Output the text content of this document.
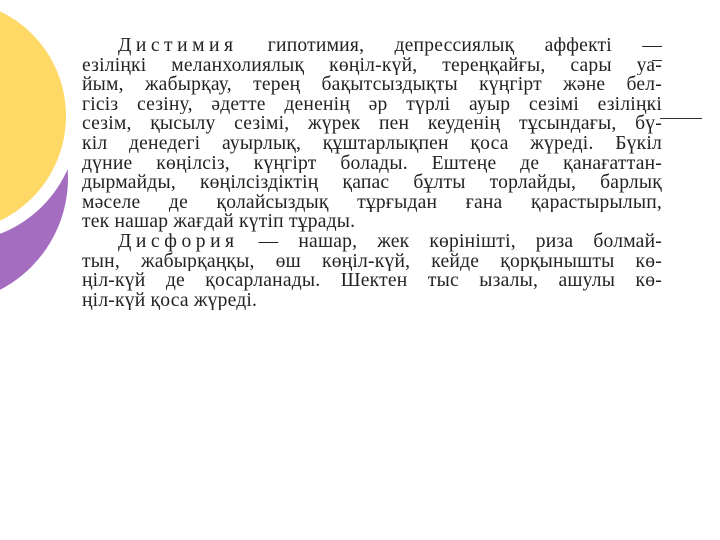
Дистимия гипотимия, депрессиялық аффекті —
езіліңкі меланхолиялық көңіл-күй, тереңқайғы, сары уа-
йым, жабырқау, терең бақытсыздықты күңгірт және бел-
гісіз сезіну, әдетте дененің әр түрлі ауыр сезімі езіліңкі
сезім, қысылу сезімі, жүрек пен кеуденің тұсындағы, бү-
кіл денедегі ауырлық, құштарлықпен қоса жүреді. Бүкіл
дүние көңілсіз, күңгірт болады. Ештеңе де қанағаттан-
дырмайды, көңілсіздіктің қапас бұлты торлайды, барлық
мәселе де қолайсыздық тұрғыдан ғана қарастырылып,
тек нашар жағдай күтіп тұрады.
Дисфория — нашар, жек көрінішті, риза болмай-
тын, жабырқаңқы, өш көңіл-күй, кейде қорқынышты кө-
ңіл-күй де қосарланады. Шектен тыс ызалы, ашулы кө-
ңіл-күй қоса жүреді.
